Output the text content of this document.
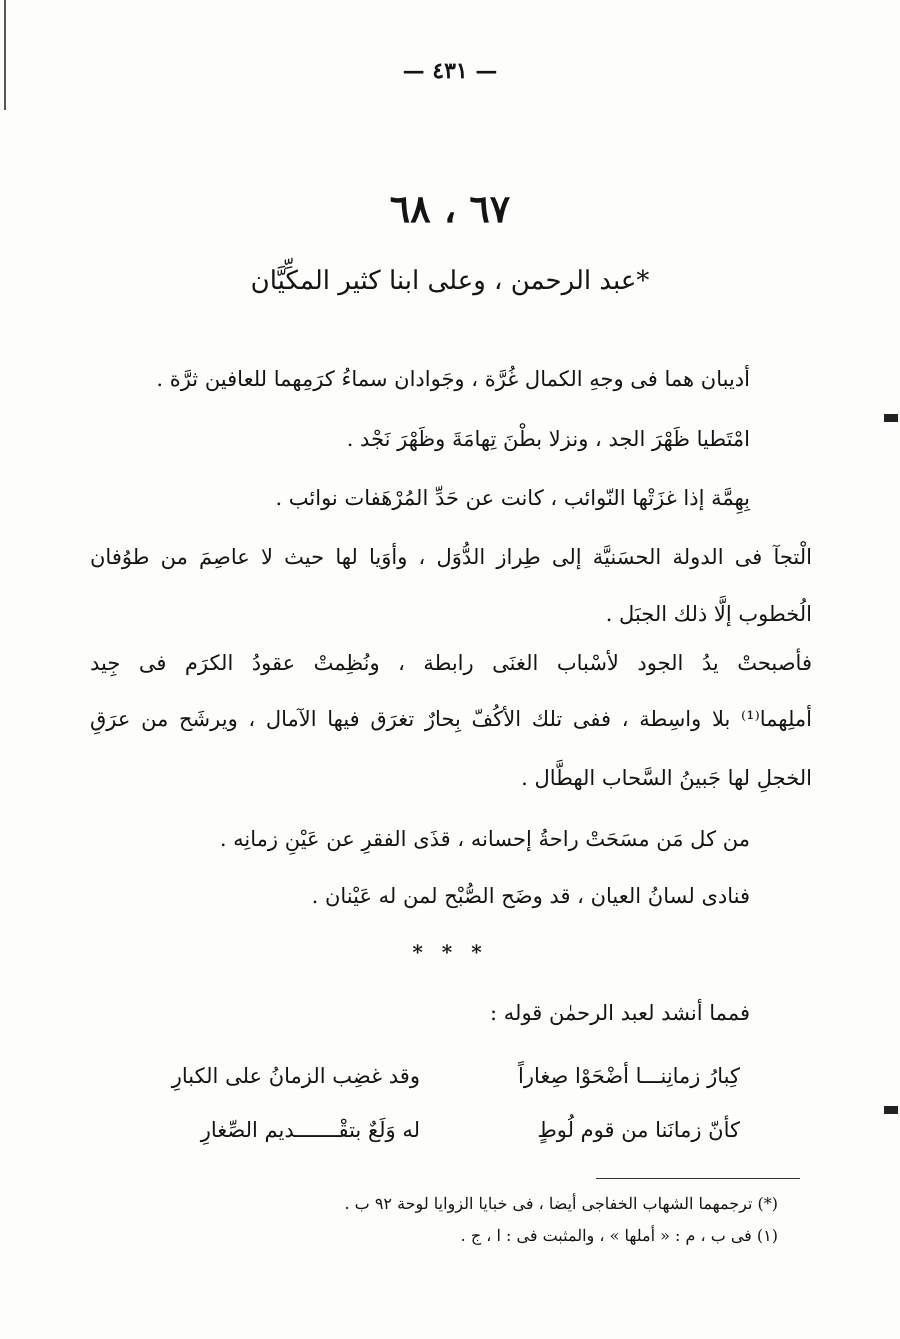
— ٤٣١ —
٦٧ ، ٦٨
عبد الرحمن ، وعلى ابنا كثير المكِّيَّان*
أديبان هما فى وجهِ الكمال غُرَّة ، وجَوادان سماءُ كرَمِهما للعافين ثرَّة .
امْتَطيا ظَهْرَ الجد ، ونزلا بطْنَ تِهامَةَ وظَهْرَ نَجْد .
بِهِمَّة إذا غزَتْها النّوائب ، كانت عن حَدِّ المُرْهَفات نوائب .
الْتجآ فى الدولة الحسَنيَّة إلى طِراز الدُّوَل ، وأوَيا لها حيث لا عاصِمَ من طوُفان
الُخطوب إلَّا ذلك الجبَل .
فأصبحتْ يدُ الجود لأسْباب الغنَى رابطة ، ونُظِمتْ عقودُ الكرَم فى جِيد
أملِهما⁽¹⁾ بلا واسِطة ، ففى تلك الأكُفّ بِحارٌ تغرَق فيها الآمال ، ويرشَح من عرَقِ
الخجلِ لها جَبينُ السَّحاب الهطَّال .
من كل مَن مسَحَتْ راحةُ إحسانه ، قذَى الفقرِ عن عَيْنِ زمانِه .
فنادى لسانُ العيان ، قد وضَح الصُّبْح لمن له عَيْنان .
* * *
فمما أنشد لعبد الرحمٰن قوله :
كِبارُ زمانِنـــا أضْحَوْا صِغاراً
وقد غضِب الزمانُ على الكبارِ
كأنّ زمانَنا من قوم لُوطٍ
له وَلَعٌ بتقْـــــــديم الصِّغارِ
(*) ترجمهما الشهاب الخفاجى أيضا ، فى خبايا الزوايا لوحة ٩٢ ب .
(١) فى ب ، م : « أملها » ، والمثبت فى : ا ، ج .
